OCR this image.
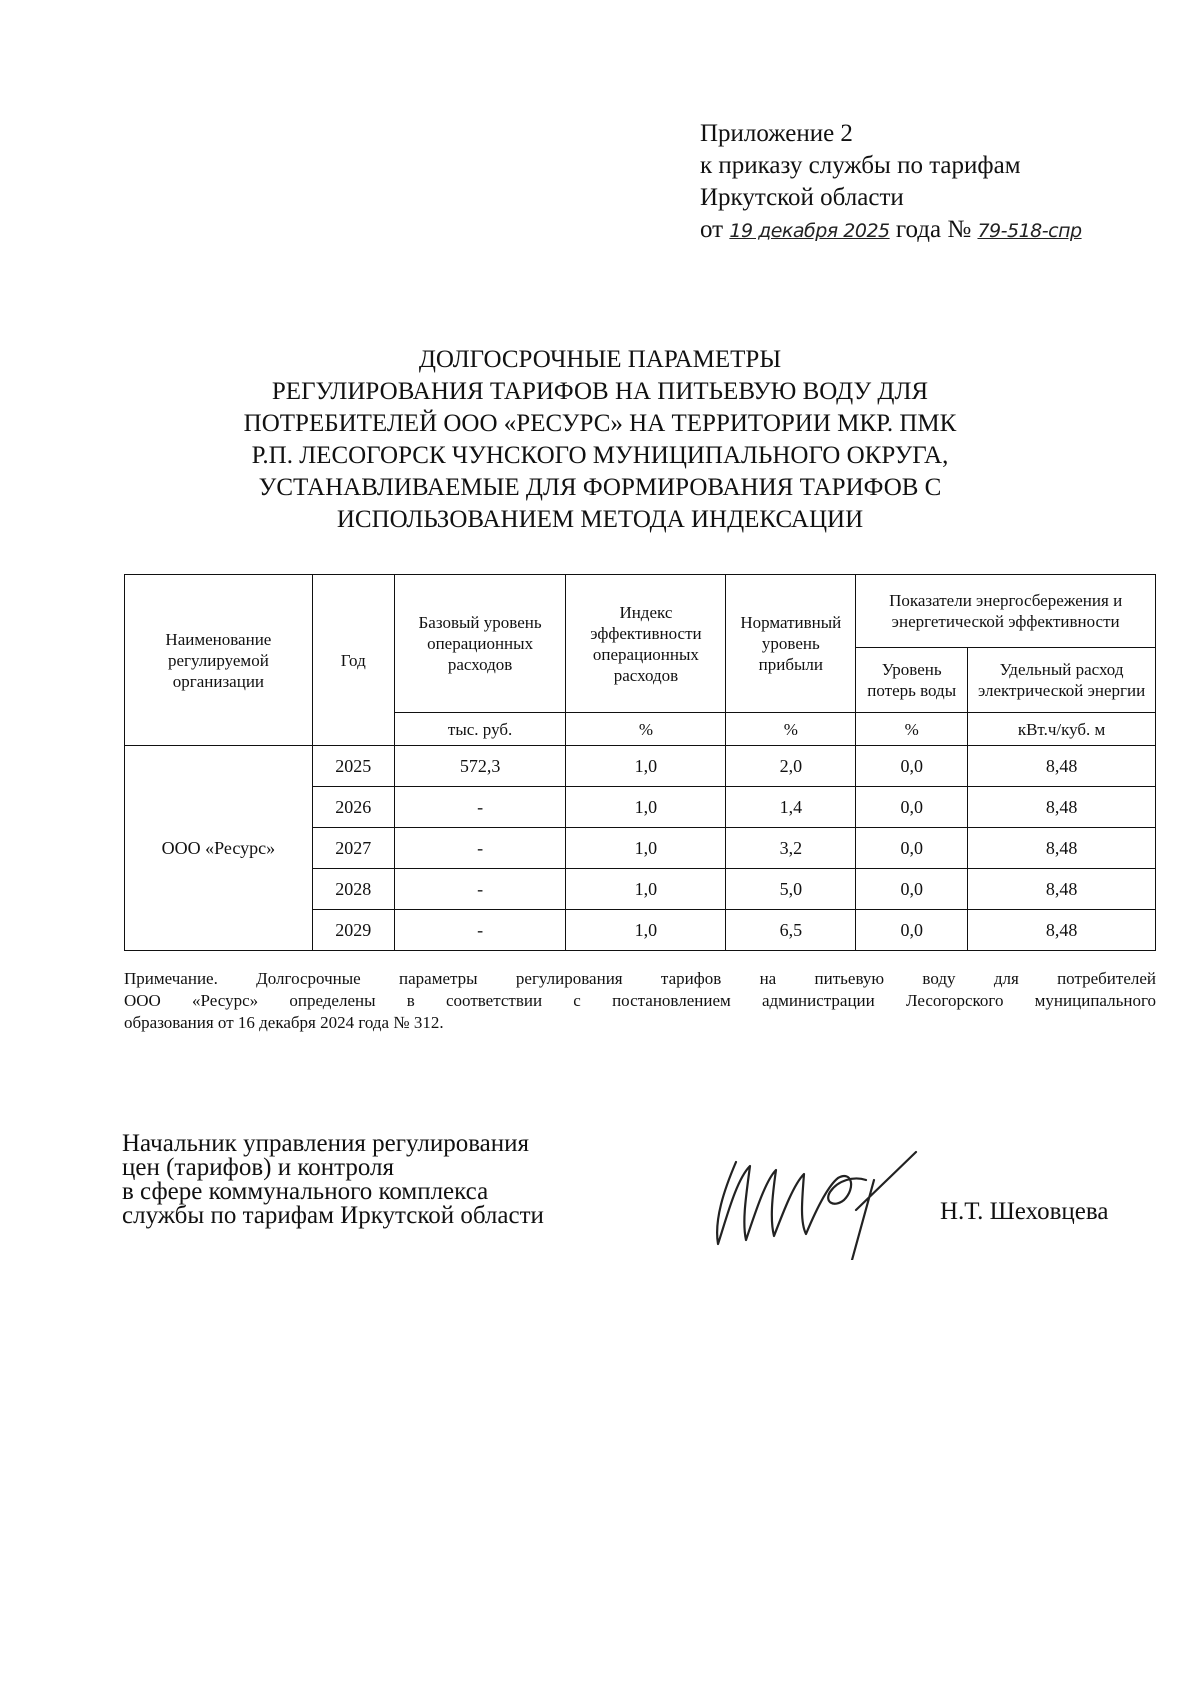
Приложение 2
к приказу службы по тарифам
Иркутской области
от 19 декабря 2025 года № 79-518-спр
ДОЛГОСРОЧНЫЕ ПАРАМЕТРЫ
РЕГУЛИРОВАНИЯ ТАРИФОВ НА ПИТЬЕВУЮ ВОДУ ДЛЯ
ПОТРЕБИТЕЛЕЙ ООО «РЕСУРС» НА ТЕРРИТОРИИ МКР. ПМК
Р.П. ЛЕСОГОРСК ЧУНСКОГО МУНИЦИПАЛЬНОГО ОКРУГА,
УСТАНАВЛИВАЕМЫЕ ДЛЯ ФОРМИРОВАНИЯ ТАРИФОВ С
ИСПОЛЬЗОВАНИЕМ МЕТОДА ИНДЕКСАЦИИ
Наименование регулируемой организации	Год	Базовый уровень операционных расходов	Индекс эффективности операционных расходов	Нормативный уровень прибыли	Показатели энергосбережения и энергетической эффективности	
					Уровень потерь воды	Удельный расход электрической энергии
		тыс. руб.	%	%	%	кВт.ч/куб. м
ООО «Ресурс»	2025	572,3	1,0	2,0	0,0	8,48
	2026	-	1,0	1,4	0,0	8,48
	2027	-	1,0	3,2	0,0	8,48
	2028	-	1,0	5,0	0,0	8,48
	2029	-	1,0	6,5	0,0	8,48
Примечание. Долгосрочные параметры регулирования тарифов на питьевую воду для потребителей
ООО «Ресурс» определены в соответствии с постановлением администрации Лесогорского муниципального
образования от 16 декабря 2024 года № 312.
Начальник управления регулирования
цен (тарифов) и контроля
в сфере коммунального комплекса
службы по тарифам Иркутской области	Н.Т. Шеховцева
